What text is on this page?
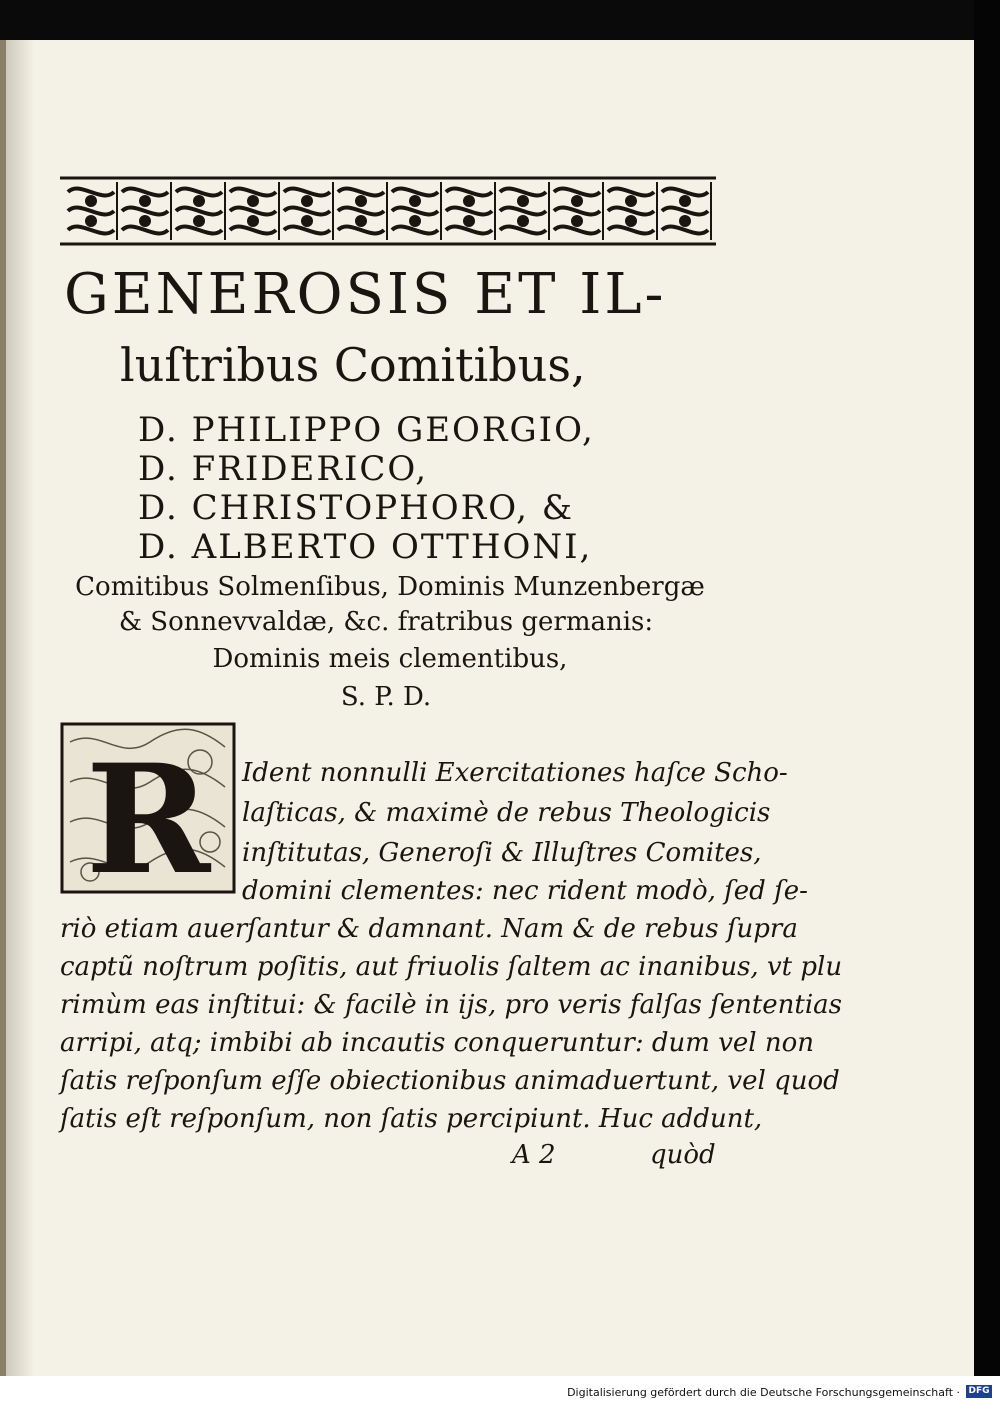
GENEROSIS ET IL-
luſtribus Comitibus,
D. PHILIPPO GEORGIO,
D. FRIDERICO,
D. CHRISTOPHORO, &
D. ALBERTO OTTHONI,
Comitibus Solmenſibus, Dominis Munzenbergæ
& Sonnevvaldæ, &c. fratribus germanis:
Dominis meis clementibus,
S. P. D.
R Ident nonnulli Exercitationes haſce Scho-
laſticas, & maximè de rebus Theologicis
inſtitutas, Generoſi & Illuſtres Comites,
domini clementes: nec rident modò, ſed ſe-
riò etiam auerſantur & damnant. Nam & de rebus ſupra
captũ noſtrum poſitis, aut friuolis ſaltem ac inanibus, vt plu
rimùm eas inſtitui: & facilè in ijs, pro veris falſas ſententias
arripi, atq; imbibi ab incautis conqueruntur: dum vel non
ſatis reſponſum eſſe obiectionibus animaduertunt, vel quod
ſatis eſt reſponſum, non ſatis percipiunt. Huc addunt,
A 2	quòd
Digitalisierung gefördert durch die Deutsche Forschungsgemeinschaft · DFG
